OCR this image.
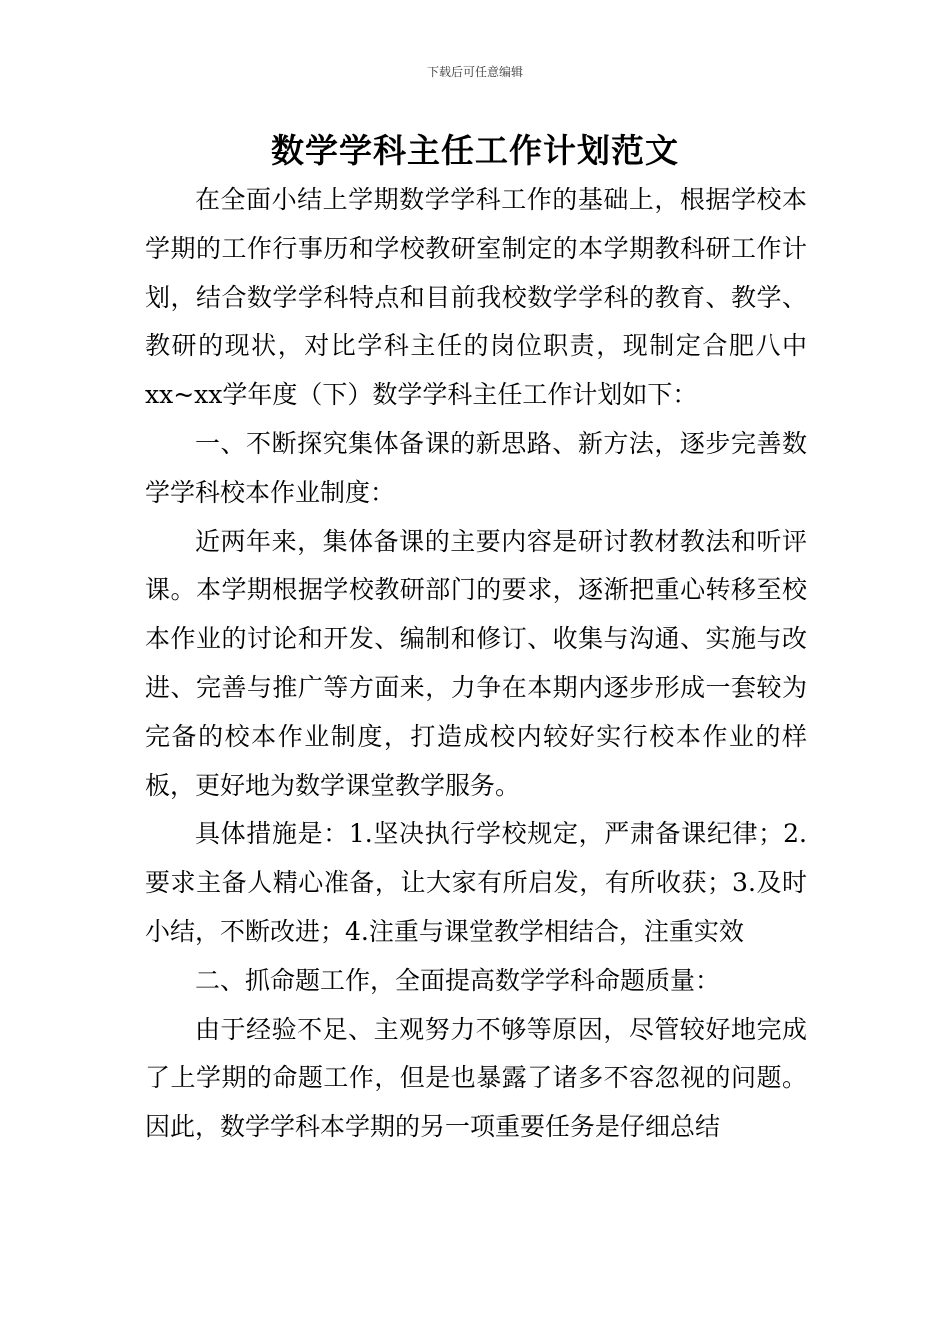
下载后可任意编辑
数学学科主任工作计划范文

在全面小结上学期数学学科工作的基础上，根据学校本学期的工作行事历和学校教研室制定的本学期教科研工作计划，结合数学学科特点和目前我校数学学科的教育、教学、教研的现状，对比学科主任的岗位职责，现制定合肥八中xx~xx学年度（下）数学学科主任工作计划如下：

一、不断探究集体备课的新思路、新方法，逐步完善数学学科校本作业制度：

近两年来，集体备课的主要内容是研讨教材教法和听评课。本学期根据学校教研部门的要求，逐渐把重心转移至校本作业的讨论和开发、编制和修订、收集与沟通、实施与改进、完善与推广等方面来，力争在本期内逐步形成一套较为完备的校本作业制度，打造成校内较好实行校本作业的样板，更好地为数学课堂教学服务。

具体措施是：1.坚决执行学校规定，严肃备课纪律；2.要求主备人精心准备，让大家有所启发，有所收获；3.及时小结，不断改进；4.注重与课堂教学相结合，注重实效

二、抓命题工作，全面提高数学学科命题质量：

由于经验不足、主观努力不够等原因，尽管较好地完成了上学期的命题工作，但是也暴露了诸多不容忽视的问题。因此，数学学科本学期的另一项重要任务是仔细总结
